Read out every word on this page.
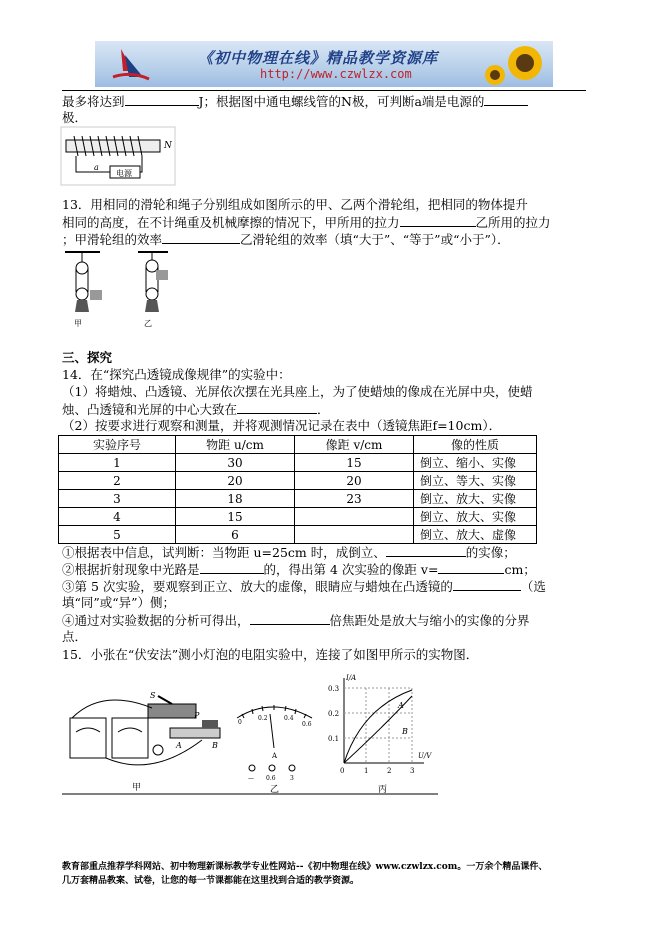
《初中物理在线》精品教学资源库
http://www.czwlzx.com
最多将达到	J；根据图中通电螺线管的N极，可判断a端是电源的
极．
电源
a
N
13．用相同的滑轮和绳子分别组成如图所示的甲、乙两个滑轮组，把相同的物体提升
相同的高度，在不计绳重及机械摩擦的情况下，甲所用的拉力	乙所用的拉力
；甲滑轮组的效率	乙滑轮组的效率（填“大于”、“等于”或“小于”）．
甲	乙
三、探究
14．在“探究凸透镜成像规律”的实验中：
（1）将蜡烛、凸透镜、光屏依次摆在光具座上，为了使蜡烛的像成在光屏中央，使蜡
烛、凸透镜和光屏的中心大致在	．
（2）按要求进行观察和测量，并将观测情况记录在表中（透镜焦距f=10cm）．
实验序号	物距 u/cm	像距 v/cm	像的性质
1	30	15	倒立、缩小、实像
2	20	20	倒立、等大、实像
3	18	23	倒立、放大、实像
4	15		倒立、放大、实像
5	6		倒立、放大、虚像
①根据表中信息，试判断：当物距 u=25cm 时，成倒立、	的实像；
②根据折射现象中光路是	的，得出第 4 次实验的像距 v=	cm；
③第 5 次实验，要观察到正立、放大的虚像，眼睛应与蜡烛在凸透镜的	（选
填“同”或“异”）侧；
④通过对实验数据的分析可得出，	倍焦距处是放大与缩小的实像的分界
点．
15．小张在“伏安法”测小灯泡的电阻实验中，连接了如图甲所示的实物图．
S
P
A	B
甲
0
0.2	0.4
0.6
A
— 0.6 3
乙
I/A
U/V
0.3
0.2
0.1
0	1	2	3
A
B
丙
教育部重点推荐学科网站、初中物理新课标教学专业性网站--《初中物理在线》www.czwlzx.com。一万余个精品课件、
几万套精品教案、试卷，让您的每一节课都能在这里找到合适的教学资源。
